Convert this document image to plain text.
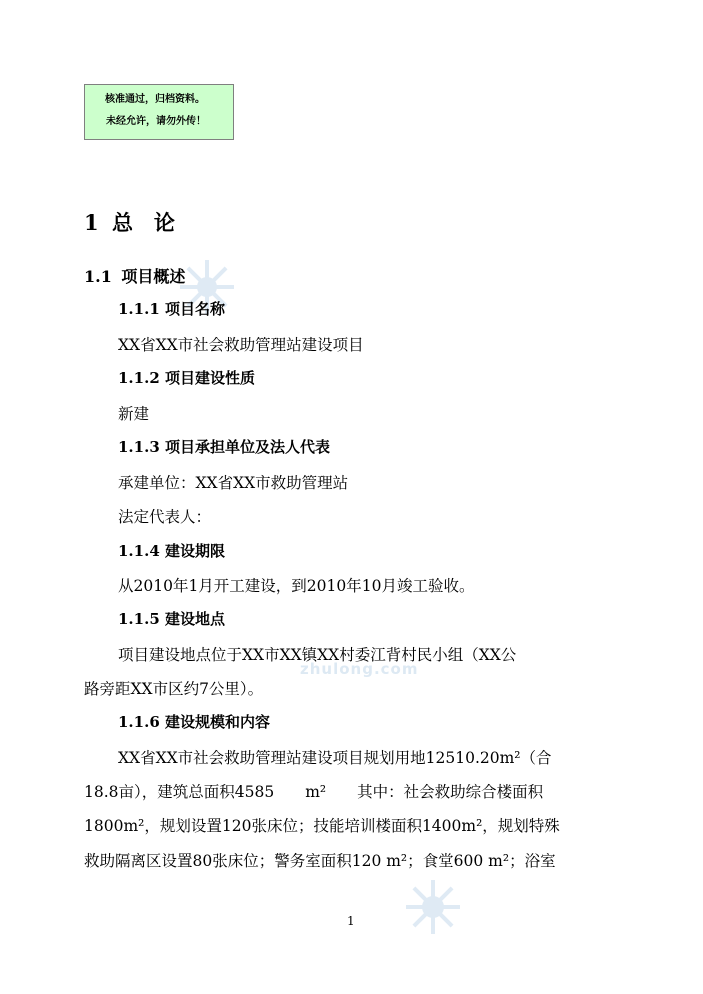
zhulong.com
核准通过，归档资料。
未经允许，请勿外传！
1 总　论
1.1 项目概述
1.1.1 项目名称
XX省XX市社会救助管理站建设项目
1.1.2 项目建设性质
新建
1.1.3 项目承担单位及法人代表
承建单位：XX省XX市救助管理站
法定代表人：
1.1.4 建设期限
从2010年1月开工建设，到2010年10月竣工验收。
1.1.5 建设地点
项目建设地点位于XX市XX镇XX村委江背村民小组（XX公
路旁距XX市区约7公里）。
1.1.6 建设规模和内容
XX省XX市社会救助管理站建设项目规划用地12510.20m²（合
18.8亩），建筑总面积4585　　m²　　其中：社会救助综合楼面积
1800m²，规划设置120张床位；技能培训楼面积1400m²，规划特殊
救助隔离区设置80张床位；警务室面积120 m²；食堂600 m²；浴室
1
